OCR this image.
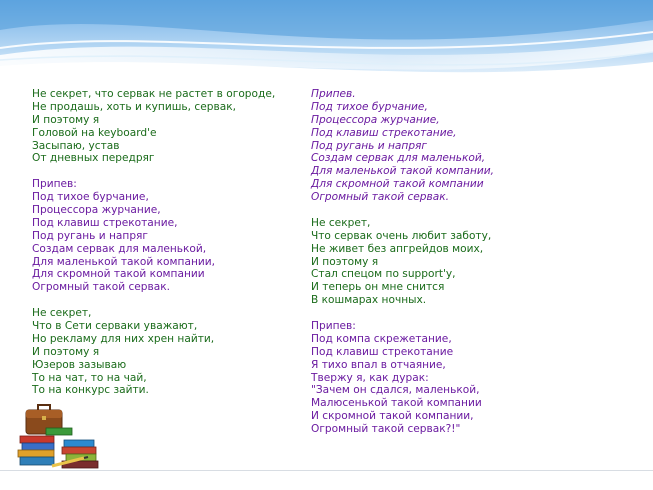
Не секрет, что сервак не растет в огороде,
Не продашь, хоть и купишь, сервак,
И поэтому я
Головой на keyboard'e
Засыпаю, устав
От дневных передряг
Припев:
Под тихое бурчание,
Процессора журчание,
Под клавиш стрекотание,
Под ругань и напряг
Создам сервак для маленькой,
Для маленькой такой компании,
Для скромной такой компании
Огромный такой сервак.
Не секрет,
Что в Сети серваки уважают,
Но рекламу для них хрен найти,
И поэтому я
Юзеров зазываю
То на чат, то на чай,
То на конкурс зайти.
Припев.
Под тихое бурчание,
Процессора журчание,
Под клавиш стрекотание,
Под ругань и напряг
Создам сервак для маленькой,
Для маленькой такой компании,
Для скромной такой компании
Огромный такой сервак.
Не секрет,
Что сервак очень любит заботу,
Не живет без апгрейдов моих,
И поэтому я
Стал спецом по support'у,
И теперь он мне снится
В кошмарах ночных.
Припев:
Под компа скрежетание,
Под клавиш стрекотание
Я тихо впал в отчаяние,
Твержу я, как дурак:
"Зачем он сдался, маленькой,
Малюсенькой такой компании
И скромной такой компании,
Огромный такой сервак?!"
